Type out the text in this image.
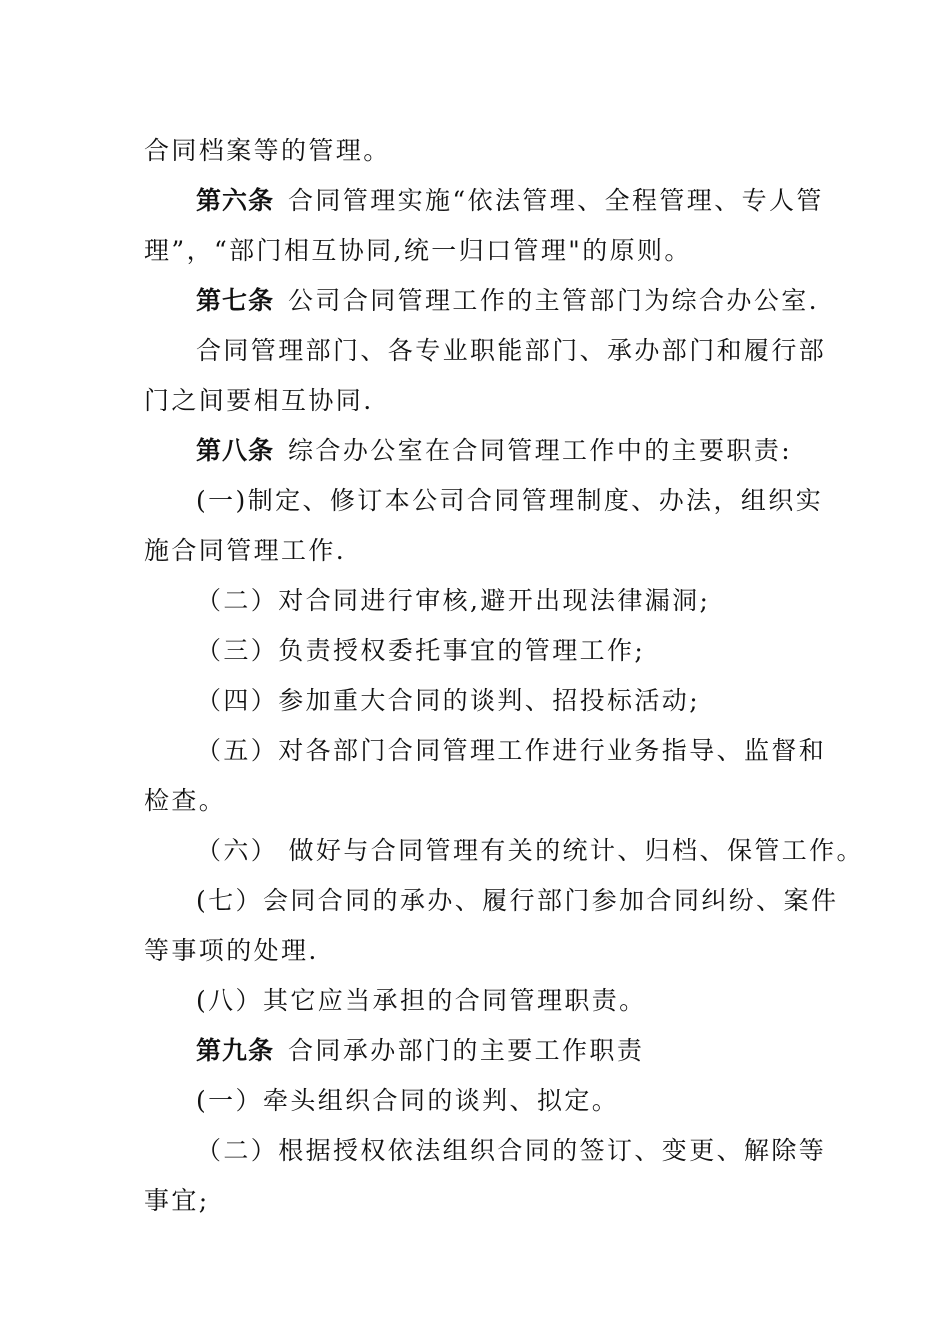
合同档案等的管理。
第六条 合同管理实施“依法管理、全程管理、专人管
理”，“部门相互协同,统一归口管理"的原则。
第七条 公司合同管理工作的主管部门为综合办公室.
合同管理部门、各专业职能部门、承办部门和履行部
门之间要相互协同.
第八条 综合办公室在合同管理工作中的主要职责:
(一)制定、修订本公司合同管理制度、办法，组织实
施合同管理工作.
（二）对合同进行审核,避开出现法律漏洞;
（三）负责授权委托事宜的管理工作;
（四）参加重大合同的谈判、招投标活动;
（五）对各部门合同管理工作进行业务指导、监督和
检查。
（六） 做好与合同管理有关的统计、归档、保管工作。
(七）会同合同的承办、履行部门参加合同纠纷、案件
等事项的处理.
(八）其它应当承担的合同管理职责。
第九条 合同承办部门的主要工作职责
(一）牵头组织合同的谈判、拟定。
（二）根据授权依法组织合同的签订、变更、解除等
事宜;
